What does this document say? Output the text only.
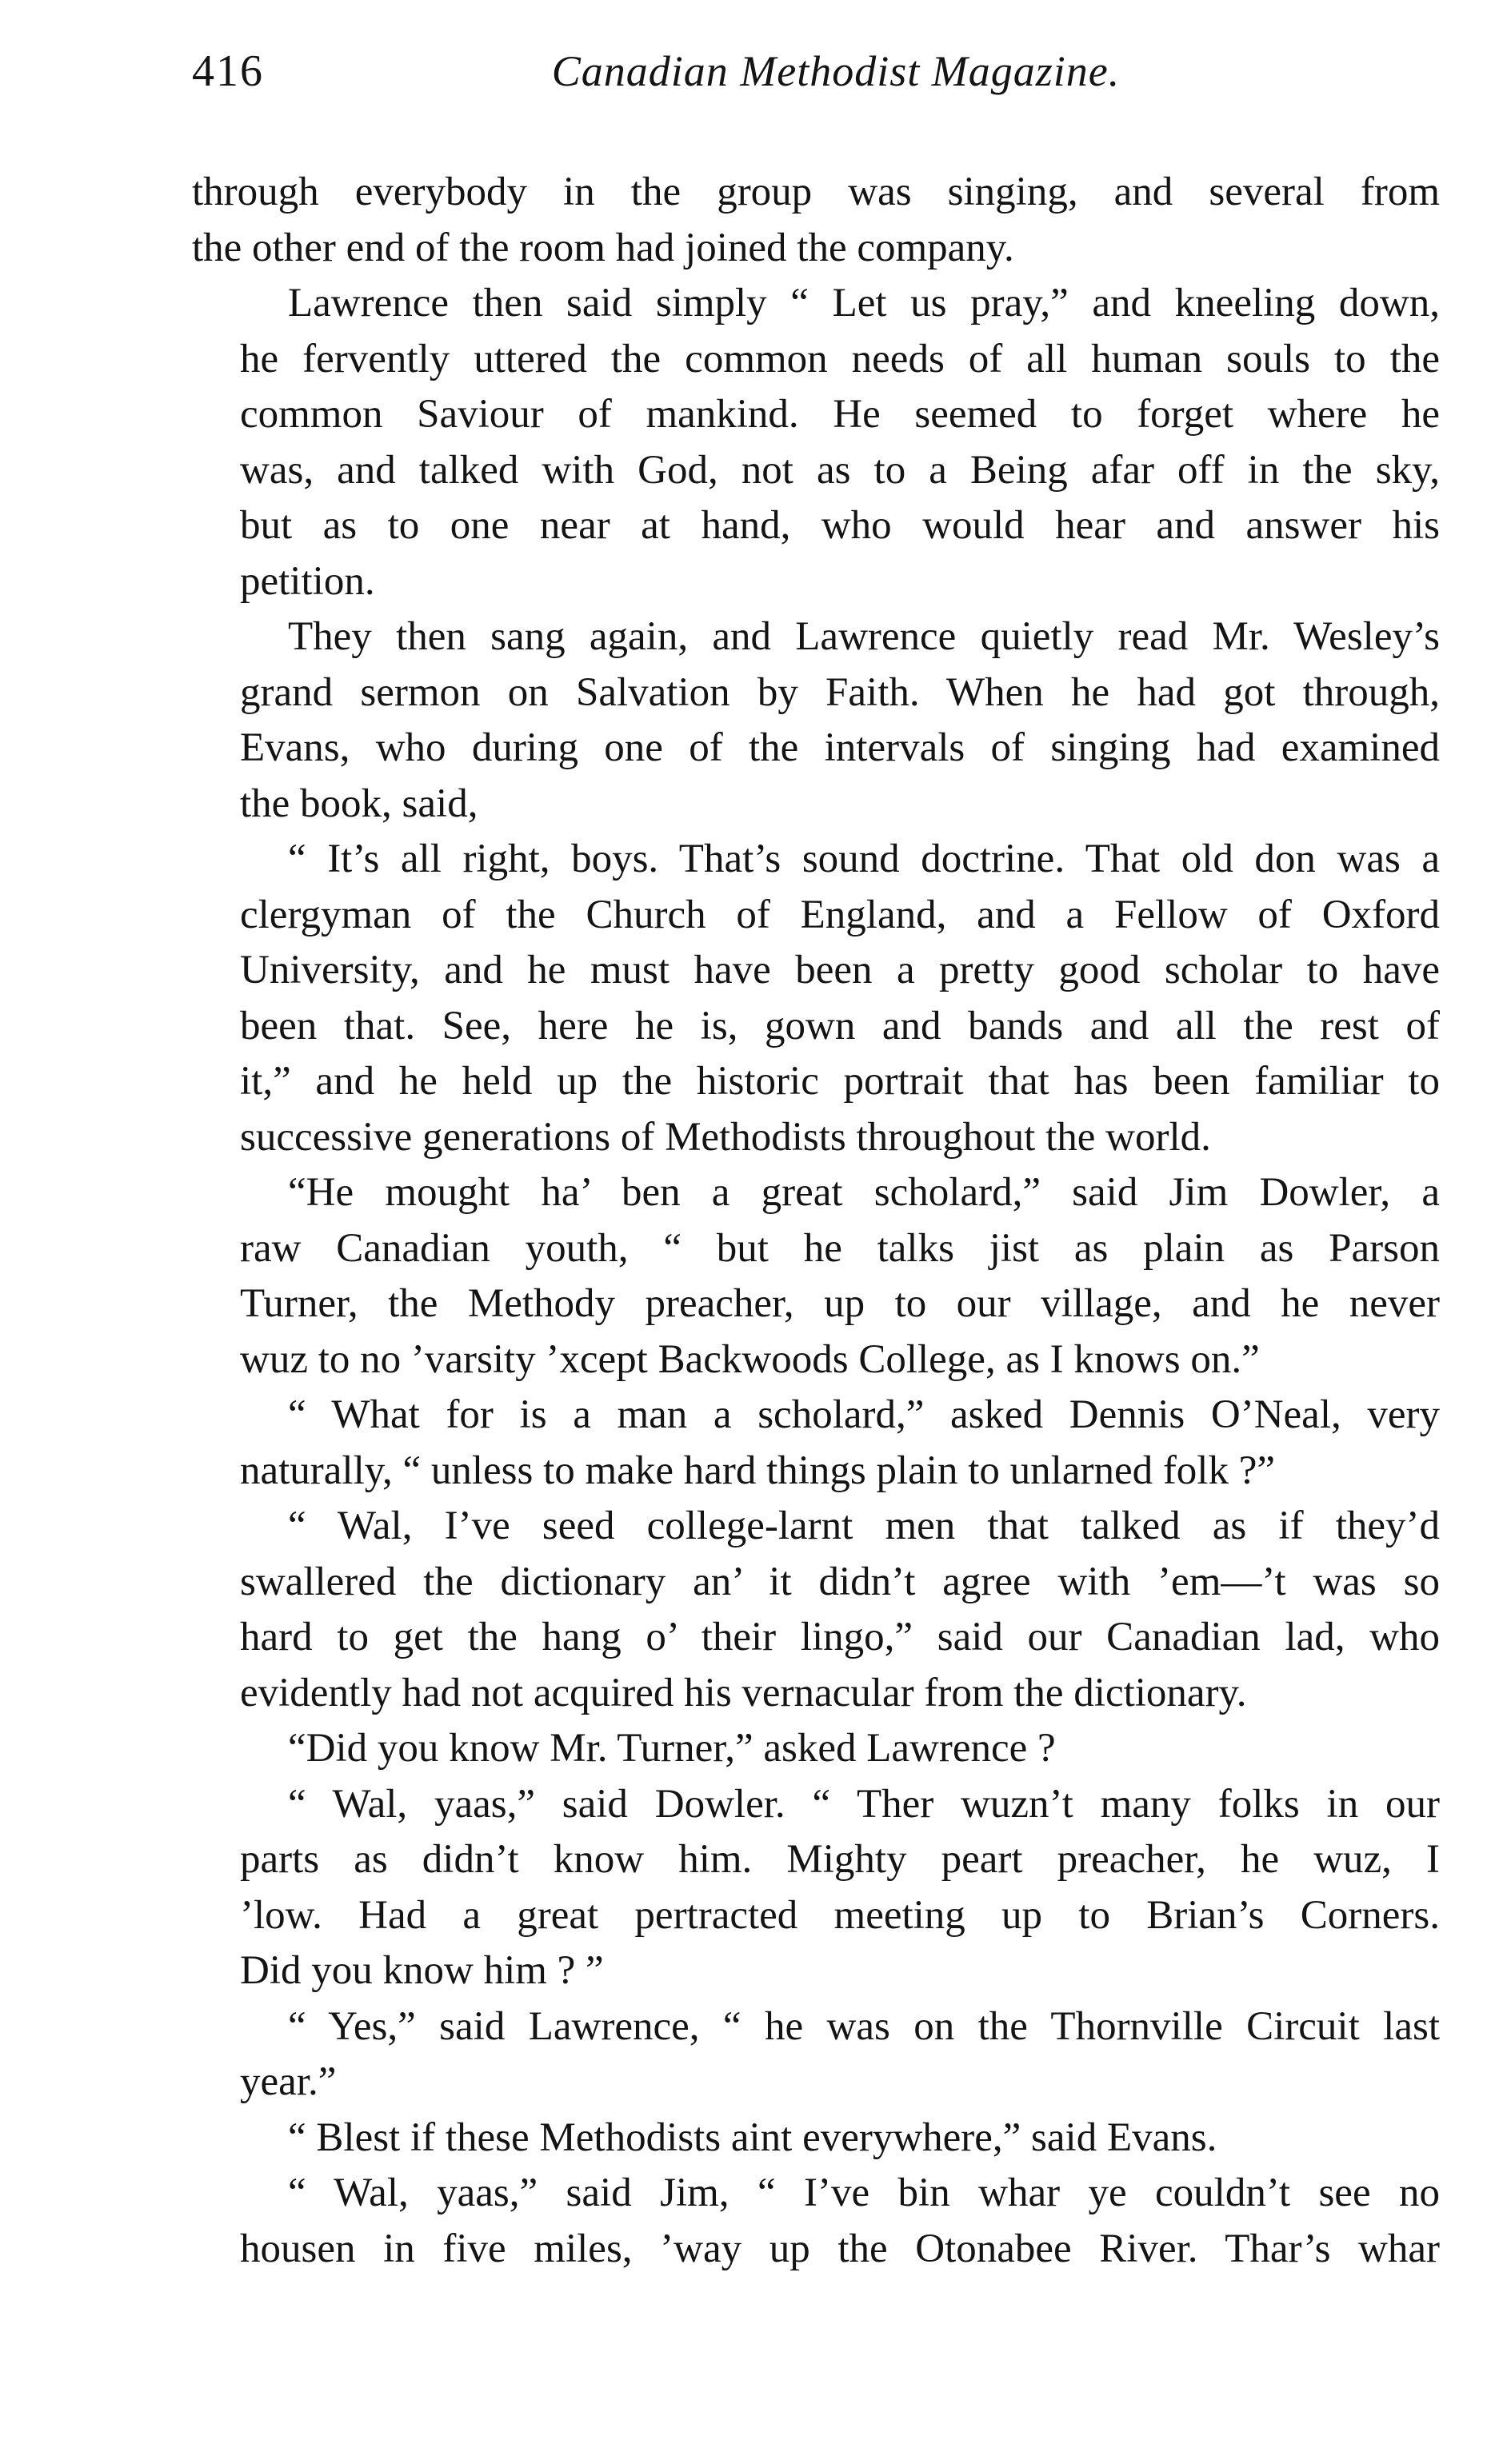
416	Canadian Methodist Magazine.

through everybody in the group was singing, and several from
the other end of the room had joined the company.

Lawrence then said simply “ Let us pray,” and kneeling down,
he fervently uttered the common needs of all human souls to the
common Saviour of mankind. He seemed to forget where he
was, and talked with God, not as to a Being afar off in the sky,
but as to one near at hand, who would hear and answer his
petition.

They then sang again, and Lawrence quietly read Mr. Wesley’s
grand sermon on Salvation by Faith. When he had got through,
Evans, who during one of the intervals of singing had examined
the book, said,

“ It’s all right, boys. That’s sound doctrine. That old don was a
clergyman of the Church of England, and a Fellow of Oxford
University, and he must have been a pretty good scholar to have
been that. See, here he is, gown and bands and all the rest of
it,” and he held up the historic portrait that has been familiar to
successive generations of Methodists throughout the world.

“He mought ha’ ben a great scholard,” said Jim Dowler, a
raw Canadian youth, “ but he talks jist as plain as Parson
Turner, the Methody preacher, up to our village, and he never
wuz to no ’varsity ’xcept Backwoods College, as I knows on.”

“ What for is a man a scholard,” asked Dennis O’Neal, very
naturally, “ unless to make hard things plain to unlarned folk ?”

“ Wal, I’ve seed college-larnt men that talked as if they’d
swallered the dictionary an’ it didn’t agree with ’em—’t was so
hard to get the hang o’ their lingo,” said our Canadian lad, who
evidently had not acquired his vernacular from the dictionary.

“Did you know Mr. Turner,” asked Lawrence ?

“ Wal, yaas,” said Dowler. “ Ther wuzn’t many folks in our
parts as didn’t know him. Mighty peart preacher, he wuz, I
’low. Had a great pertracted meeting up to Brian’s Corners.
Did you know him ? ”

“ Yes,” said Lawrence, “ he was on the Thornville Circuit last
year.”

“ Blest if these Methodists aint everywhere,” said Evans.

“ Wal, yaas,” said Jim, “ I’ve bin whar ye couldn’t see no
housen in five miles, ’way up the Otonabee River. Thar’s whar
